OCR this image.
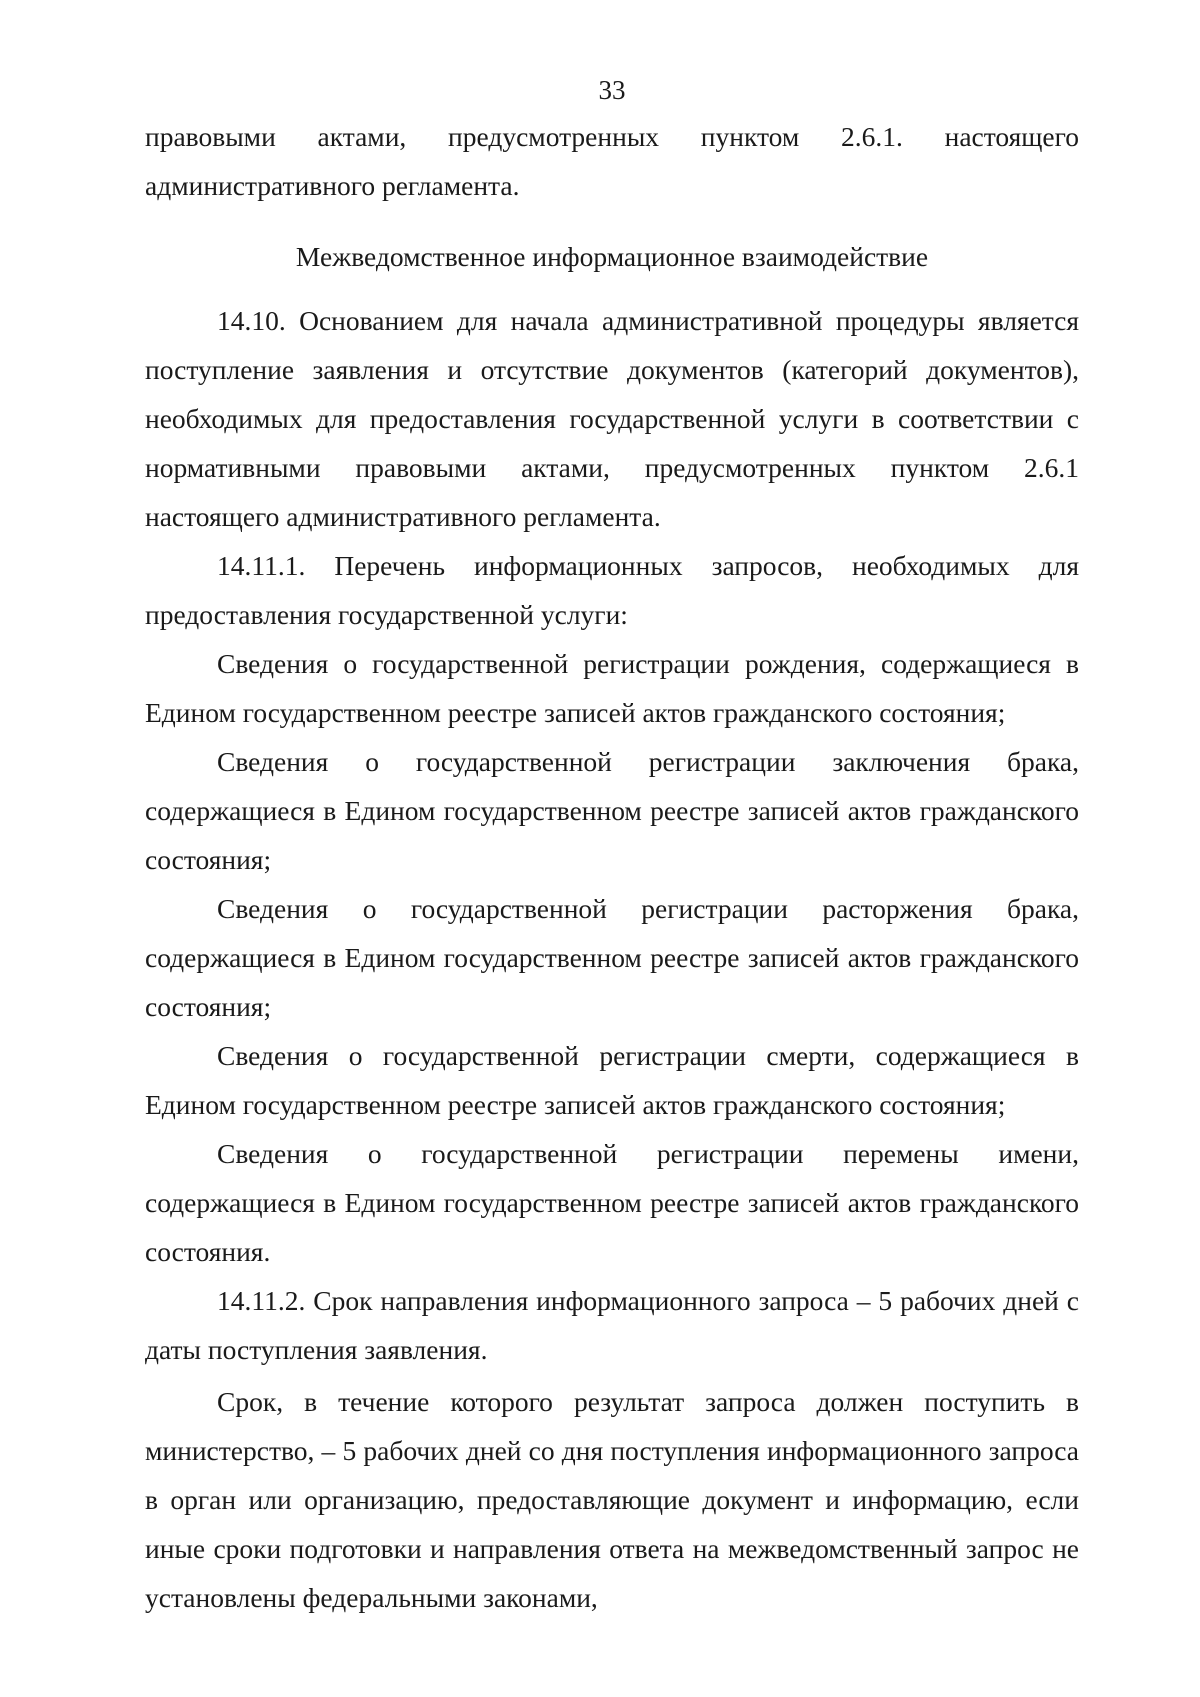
33

правовыми актами, предусмотренных пунктом 2.6.1. настоящего административного регламента.

Межведомственное информационное взаимодействие

14.10. Основанием для начала административной процедуры является поступление заявления и отсутствие документов (категорий документов), необходимых для предоставления государственной услуги в соответствии с нормативными правовыми актами, предусмотренных пунктом 2.6.1 настоящего административного регламента.

14.11.1. Перечень информационных запросов, необходимых для предоставления государственной услуги:

Сведения о государственной регистрации рождения, содержащиеся в Едином государственном реестре записей актов гражданского состояния;

Сведения о государственной регистрации заключения брака, содержащиеся в Едином государственном реестре записей актов гражданского состояния;

Сведения о государственной регистрации расторжения брака, содержащиеся в Едином государственном реестре записей актов гражданского состояния;

Сведения о государственной регистрации смерти, содержащиеся в Едином государственном реестре записей актов гражданского состояния;

Сведения о государственной регистрации перемены имени, содержащиеся в Едином государственном реестре записей актов гражданского состояния.

14.11.2. Срок направления информационного запроса – 5 рабочих дней с даты поступления заявления.

Срок, в течение которого результат запроса должен поступить в министерство, – 5 рабочих дней со дня поступления информационного запроса в орган или организацию, предоставляющие документ и информацию, если иные сроки подготовки и направления ответа на межведомственный запрос не установлены федеральными законами,
